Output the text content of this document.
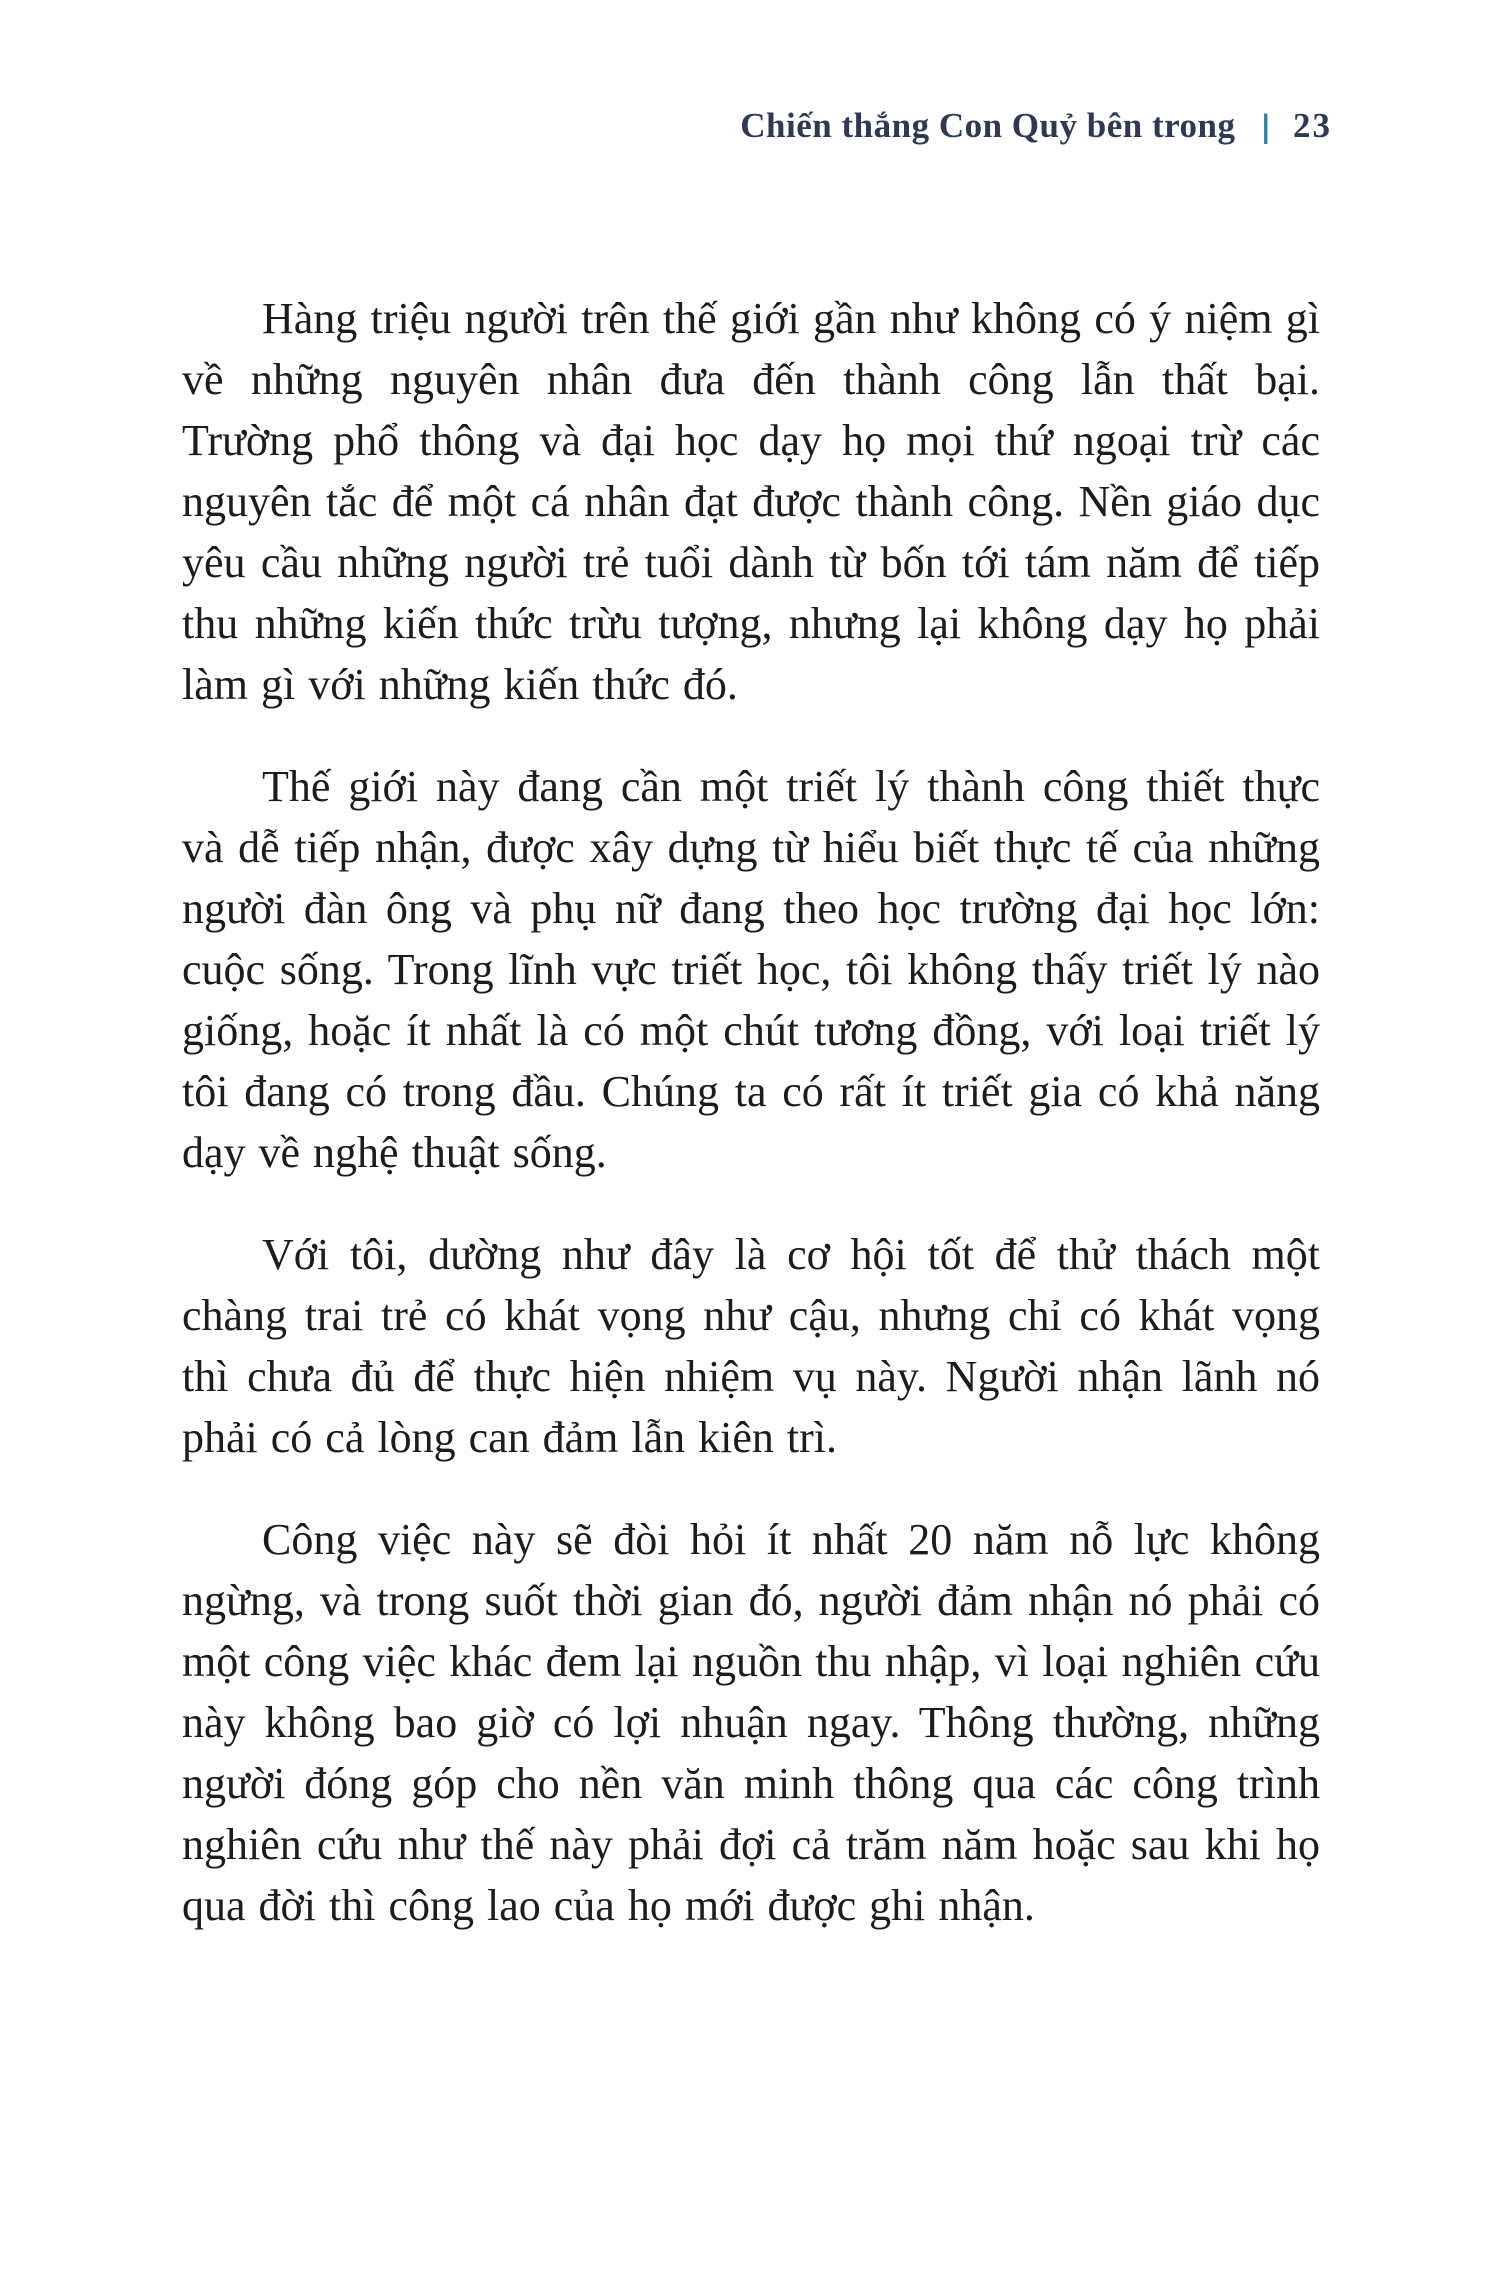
Chiến thắng Con Quỷ bên trong | 23

Hàng triệu người trên thế giới gần như không có ý niệm gì về những nguyên nhân đưa đến thành công lẫn thất bại. Trường phổ thông và đại học dạy họ mọi thứ ngoại trừ các nguyên tắc để một cá nhân đạt được thành công. Nền giáo dục yêu cầu những người trẻ tuổi dành từ bốn tới tám năm để tiếp thu những kiến thức trừu tượng, nhưng lại không dạy họ phải làm gì với những kiến thức đó.

Thế giới này đang cần một triết lý thành công thiết thực và dễ tiếp nhận, được xây dựng từ hiểu biết thực tế của những người đàn ông và phụ nữ đang theo học trường đại học lớn: cuộc sống. Trong lĩnh vực triết học, tôi không thấy triết lý nào giống, hoặc ít nhất là có một chút tương đồng, với loại triết lý tôi đang có trong đầu. Chúng ta có rất ít triết gia có khả năng dạy về nghệ thuật sống.

Với tôi, dường như đây là cơ hội tốt để thử thách một chàng trai trẻ có khát vọng như cậu, nhưng chỉ có khát vọng thì chưa đủ để thực hiện nhiệm vụ này. Người nhận lãnh nó phải có cả lòng can đảm lẫn kiên trì.

Công việc này sẽ đòi hỏi ít nhất 20 năm nỗ lực không ngừng, và trong suốt thời gian đó, người đảm nhận nó phải có một công việc khác đem lại nguồn thu nhập, vì loại nghiên cứu này không bao giờ có lợi nhuận ngay. Thông thường, những người đóng góp cho nền văn minh thông qua các công trình nghiên cứu như thế này phải đợi cả trăm năm hoặc sau khi họ qua đời thì công lao của họ mới được ghi nhận.
